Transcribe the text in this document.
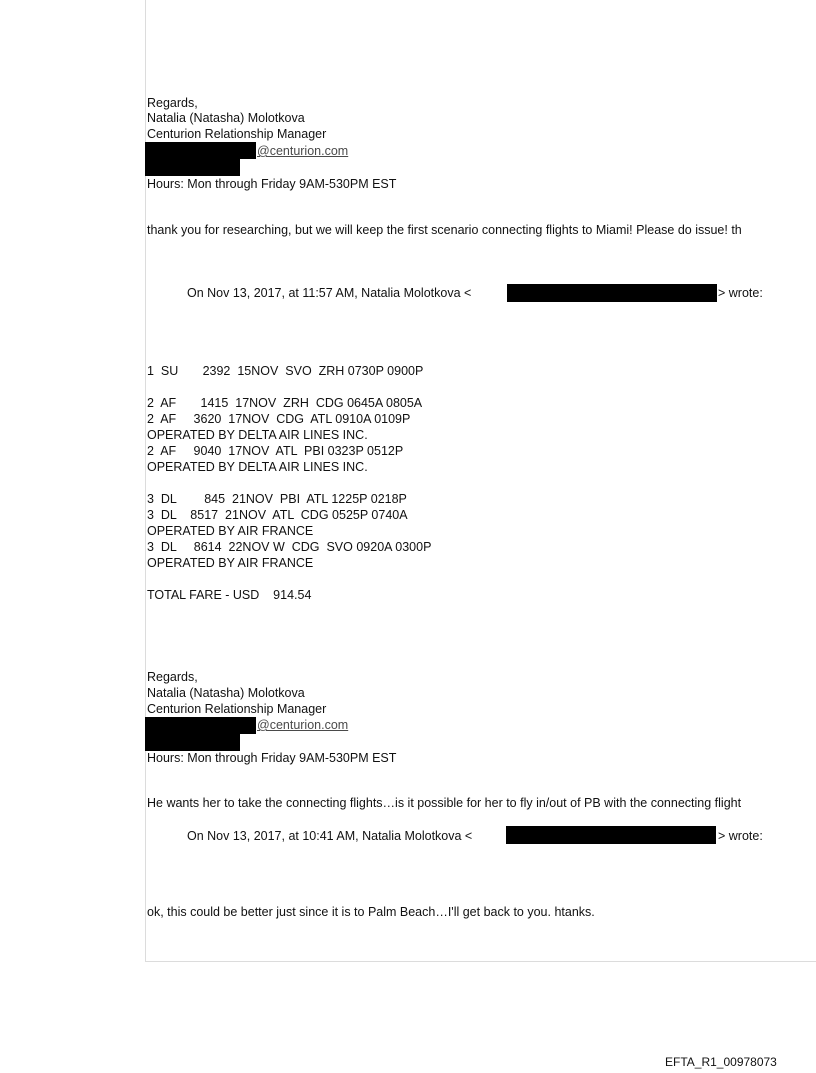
Regards,
Natalia (Natasha) Molotkova
Centurion Relationship Manager
@centurion.com
Hours: Mon through Friday 9AM-530PM EST
thank you for researching, but we will keep the first scenario connecting flights to Miami! Please do issue! th
On Nov 13, 2017, at 11:57 AM, Natalia Molotkova <	> wrote:
1  SU       2392  15NOV  SVO  ZRH 0730P 0900P
2  AF       1415  17NOV  ZRH  CDG 0645A 0805A
2  AF     3620  17NOV  CDG  ATL 0910A 0109P
OPERATED BY DELTA AIR LINES INC.
2  AF     9040  17NOV  ATL  PBI 0323P 0512P
OPERATED BY DELTA AIR LINES INC.
3  DL        845  21NOV  PBI  ATL 1225P 0218P
3  DL    8517  21NOV  ATL  CDG 0525P 0740A
OPERATED BY AIR FRANCE
3  DL     8614  22NOV W  CDG  SVO 0920A 0300P
OPERATED BY AIR FRANCE
TOTAL FARE - USD    914.54
Regards,
Natalia (Natasha) Molotkova
Centurion Relationship Manager
@centurion.com
Hours: Mon through Friday 9AM-530PM EST
He wants her to take the connecting flights…is it possible for her to fly in/out of PB with the connecting flight
On Nov 13, 2017, at 10:41 AM, Natalia Molotkova <	> wrote:
ok, this could be better just since it is to Palm Beach…I'll get back to you. htanks.
EFTA_R1_00978073
